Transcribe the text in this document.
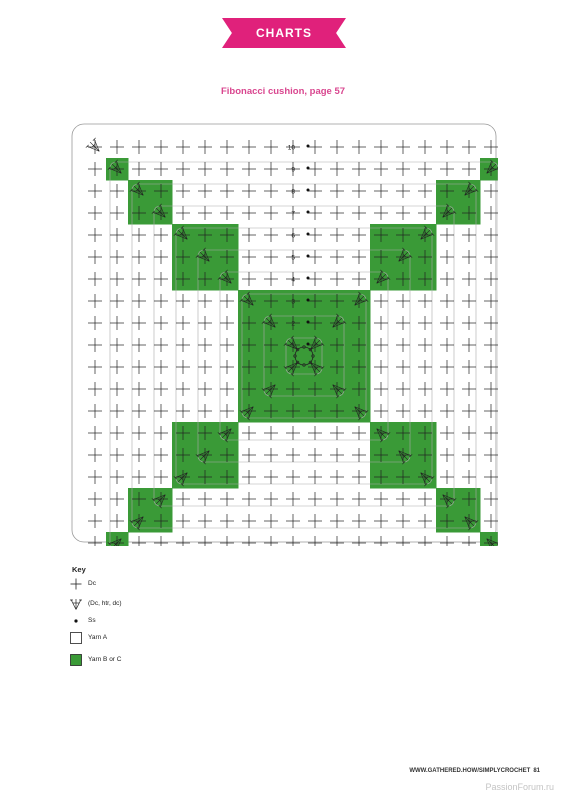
CHARTS
Fibonacci cushion, page 57
1
2
3
4
5
6
7
8
9
10
Key
Dc
(Dc, htr, dc)
Ss
Yarn A
Yarn B or C
WWW.GATHERED.HOW/SIMPLYCROCHET 81
PassionForum.ru
